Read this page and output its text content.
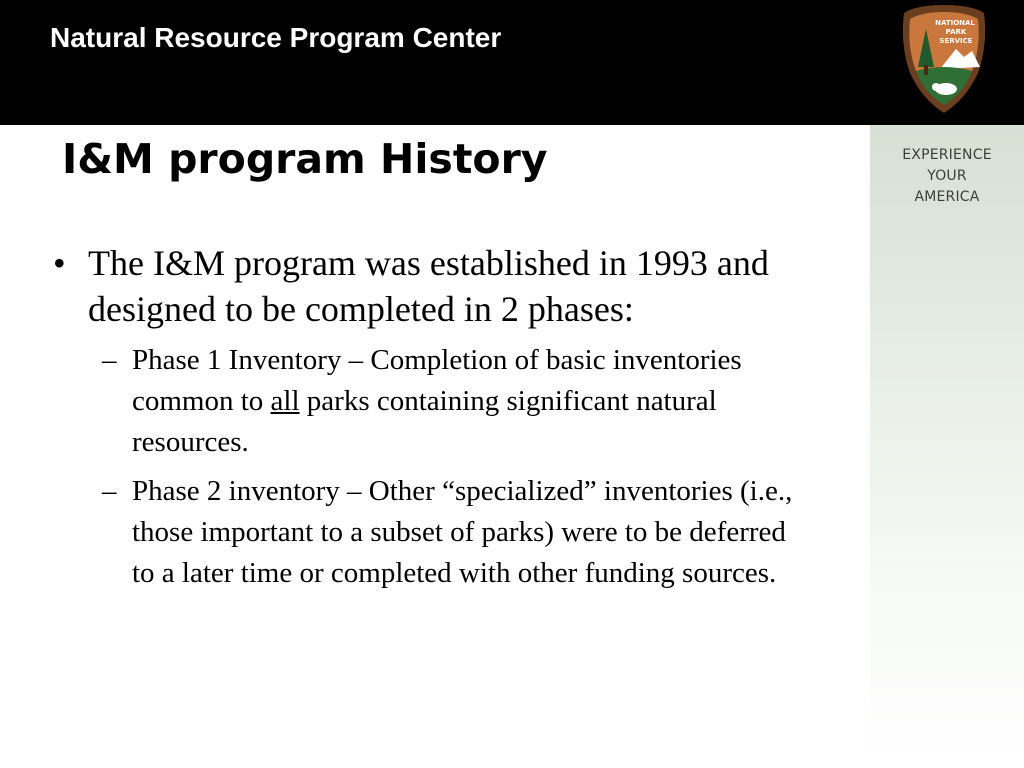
Natural Resource Program Center	NATIONAL
PARK
SERVICE
EXPERIENCE
YOUR
AMERICA
I&M program History
• The I&M program was established in 1993 and designed to be completed in 2 phases:
– Phase 1 Inventory – Completion of basic inventories common to all parks containing significant natural resources.
– Phase 2 inventory – Other “specialized” inventories (i.e., those important to a subset of parks) were to be deferred to a later time or completed with other funding sources.
